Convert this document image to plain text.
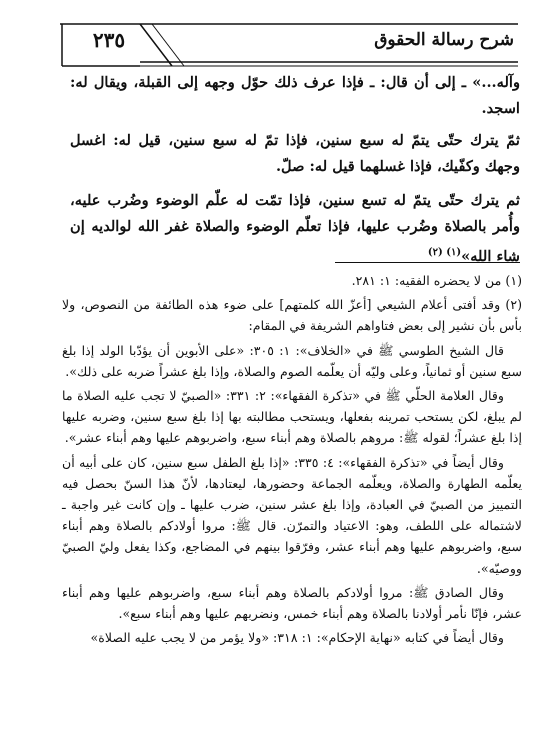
٢٣٥	شرح رسالة الحقوق

وآله...» ـ إلى أن قال: ـ فإذا عرف ذلك حوّل وجهه إلى القبلة، ويقال له: اسجد.

ثمّ يترك حتّى يتمّ له سبع سنين، فإذا تمّ له سبع سنين، قيل له: اغسل وجهك وكفّيك، فإذا غسلهما قيل له: صلّ.

ثم يترك حتّى يتمّ له تسع سنين، فإذا تمّت له علّم الوضوء وضُرب عليه، وأُمر بالصلاة وضُرب عليها، فإذا تعلّم الوضوء والصلاة غفر الله لوالديه إن شاء الله»$^{(١) (٢)}$

(١) من لا يحضره الفقيه: ١: ٢٨١.

(٢) وقد أفتى أعلام الشيعي [أعزّ الله كلمتهم] على ضوء هذه الطائفة من النصوص، ولا بأس بأن نشير إلى بعض فتاواهم الشريفة في المقام:

قال الشيخ الطوسي ﷺ في «الخلاف»: ١: ٣٠٥: «على الأبوين أن يؤدّبا الولد إذا بلغ سبع سنين أو ثمانياً، وعلى وليّه أن يعلّمه الصوم والصلاة، وإذا بلغ عشراً ضربه على ذلك».

وقال العلامة الحلّي ﷺ في «تذكرة الفقهاء»: ٢: ٣٣١: «الصبيّ لا تجب عليه الصلاة ما لم يبلغ، لكن يستحب تمرينه بفعلها، ويستحب مطالبته بها إذا بلغ سبع سنين، وضربه عليها إذا بلغ عشراً؛ لقوله ﷺ: مروهم بالصلاة وهم أبناء سبع، واضربوهم عليها وهم أبناء عشر».

وقال أيضاً في «تذكرة الفقهاء»: ٤: ٣٣٥: «إذا بلغ الطفل سبع سنين، كان على أبيه أن يعلّمه الطهارة والصلاة، ويعلّمه الجماعة وحضورها، ليعتادها، لأنّ هذا السنّ بحصل فيه التمييز من الصبيّ في العبادة، وإذا بلغ عشر سنين، ضرب عليها ـ وإن كانت غير واجبة ـ لاشتماله على اللطف، وهو: الاعتياد والتمرّن. قال ﷺ: مروا أولادكم بالصلاة وهم أبناء سبع، واضربوهم عليها وهم أبناء عشر، وفرّقوا بينهم في المضاجع، وكذا يفعل وليّ الصبيّ ووصيّه».

وقال الصادق ﷺ: مروا أولادكم بالصلاة وهم أبناء سبع، واضربوهم عليها وهم أبناء عشر، فإنّا نأمر أولادنا بالصلاة وهم أبناء خمس، ونضربهم عليها وهم أبناء سبع».

وقال أيضاً في كتابه «نهاية الإحكام»: ١: ٣١٨: «ولا يؤمر من لا يجب عليه الصلاة»
